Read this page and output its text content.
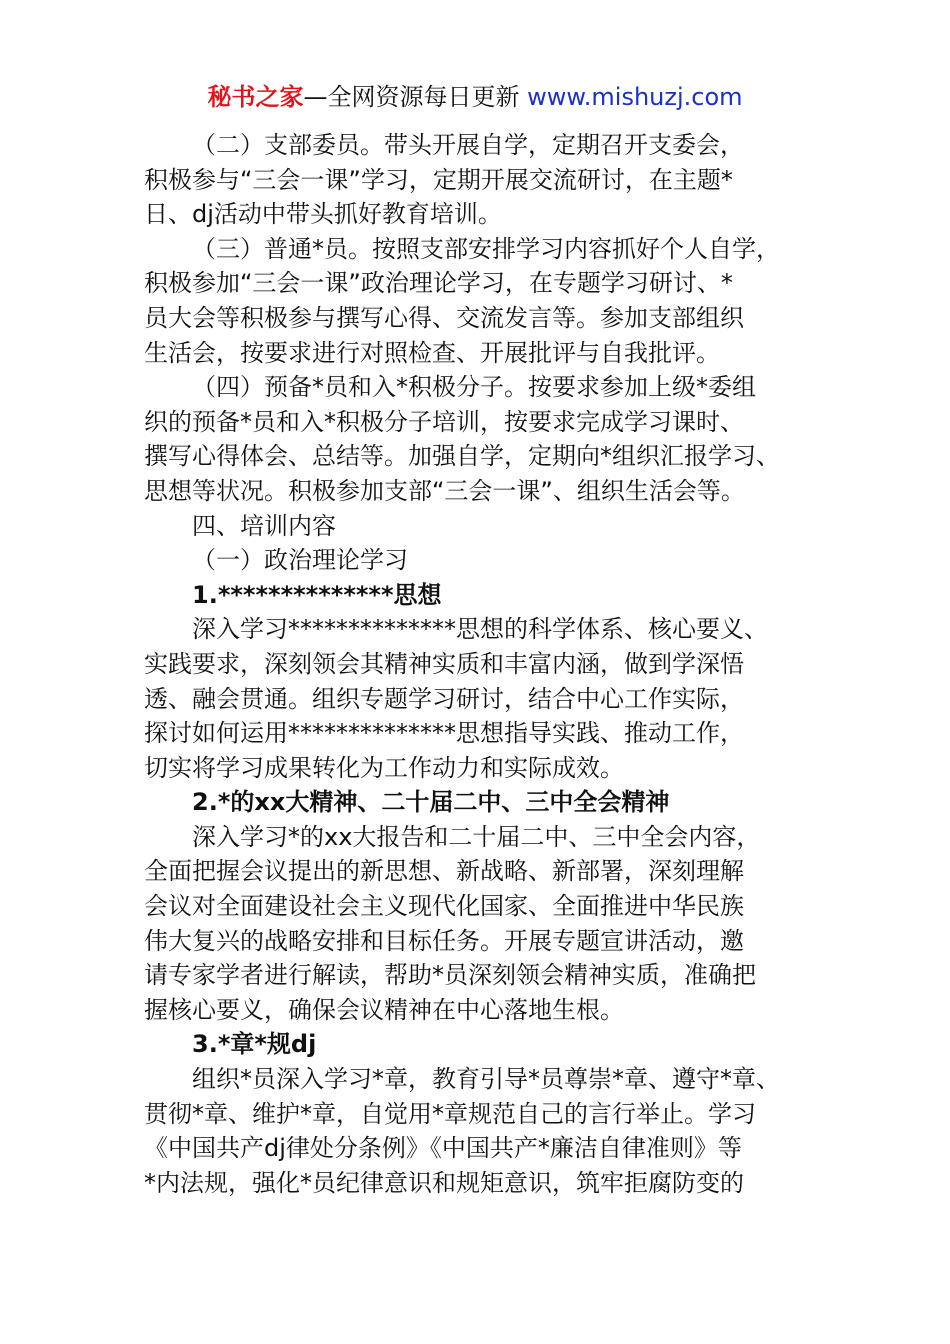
秘书之家—全网资源每日更新 www.mishuzj.com
（二）支部委员。带头开展自学，定期召开支委会，
积极参与“三会一课”学习，定期开展交流研讨，在主题*
日、dj活动中带头抓好教育培训。
（三）普通*员。按照支部安排学习内容抓好个人自学，
积极参加“三会一课”政治理论学习，在专题学习研讨、*
员大会等积极参与撰写心得、交流发言等。参加支部组织
生活会，按要求进行对照检查、开展批评与自我批评。
（四）预备*员和入*积极分子。按要求参加上级*委组
织的预备*员和入*积极分子培训，按要求完成学习课时、
撰写心得体会、总结等。加强自学，定期向*组织汇报学习、
思想等状况。积极参加支部“三会一课”、组织生活会等。
四、培训内容
（一）政治理论学习
1.**************思想
深入学习**************思想的科学体系、核心要义、
实践要求，深刻领会其精神实质和丰富内涵，做到学深悟
透、融会贯通。组织专题学习研讨，结合中心工作实际，
探讨如何运用**************思想指导实践、推动工作，
切实将学习成果转化为工作动力和实际成效。
2.*的xx大精神、二十届二中、三中全会精神
深入学习*的xx大报告和二十届二中、三中全会内容，
全面把握会议提出的新思想、新战略、新部署，深刻理解
会议对全面建设社会主义现代化国家、全面推进中华民族
伟大复兴的战略安排和目标任务。开展专题宣讲活动，邀
请专家学者进行解读，帮助*员深刻领会精神实质，准确把
握核心要义，确保会议精神在中心落地生根。
3.*章*规dj
组织*员深入学习*章，教育引导*员尊崇*章、遵守*章、
贯彻*章、维护*章，自觉用*章规范自己的言行举止。学习
《中国共产dj律处分条例》《中国共产*廉洁自律准则》等
*内法规，强化*员纪律意识和规矩意识，筑牢拒腐防变的
